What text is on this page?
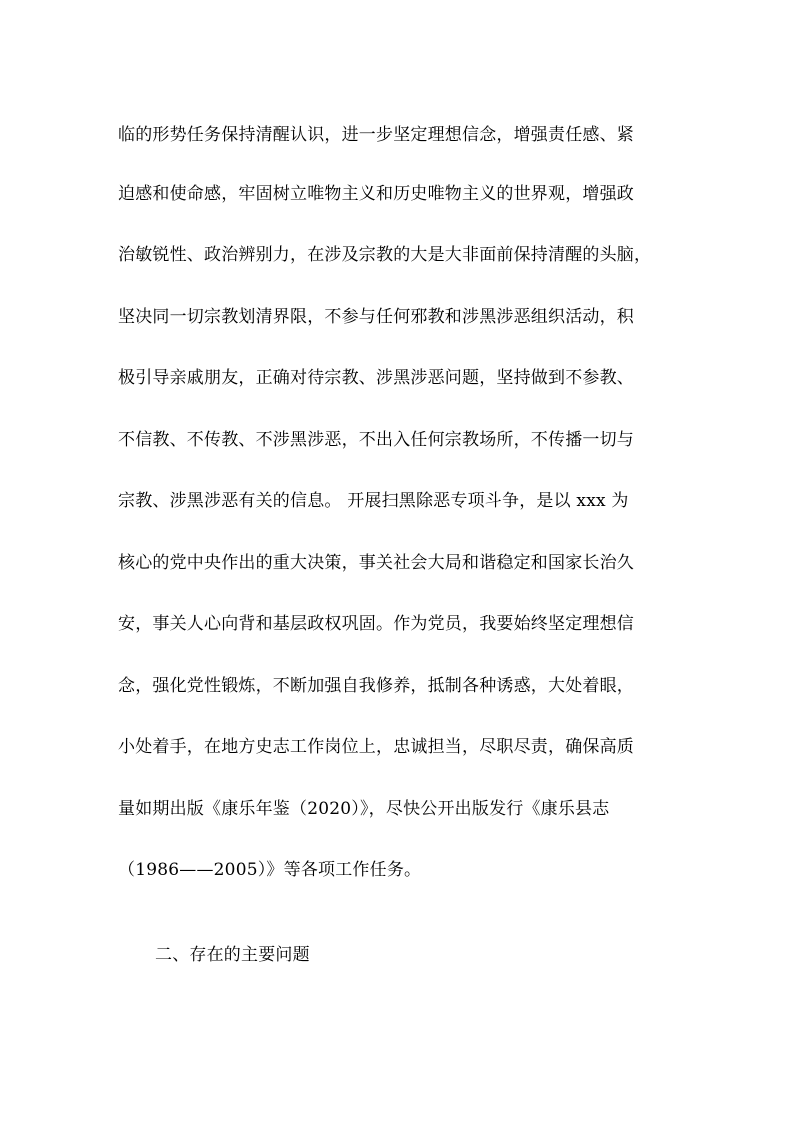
临的形势任务保持清醒认识，进一步坚定理想信念，增强责任感、紧
迫感和使命感，牢固树立唯物主义和历史唯物主义的世界观，增强政
治敏锐性、政治辨别力，在涉及宗教的大是大非面前保持清醒的头脑，
坚决同一切宗教划清界限，不参与任何邪教和涉黑涉恶组织活动，积
极引导亲戚朋友，正确对待宗教、涉黑涉恶问题，坚持做到不参教、
不信教、不传教、不涉黑涉恶，不出入任何宗教场所，不传播一切与
宗教、涉黑涉恶有关的信息。 开展扫黑除恶专项斗争，是以 xxx 为
核心的党中央作出的重大决策，事关社会大局和谐稳定和国家长治久
安，事关人心向背和基层政权巩固。作为党员，我要始终坚定理想信
念，强化党性锻炼，不断加强自我修养，抵制各种诱惑，大处着眼，
小处着手，在地方史志工作岗位上，忠诚担当，尽职尽责，确保高质
量如期出版《康乐年鉴（2020）》，尽快公开出版发行《康乐县志
（1986——2005）》等各项工作任务。
二、存在的主要问题
